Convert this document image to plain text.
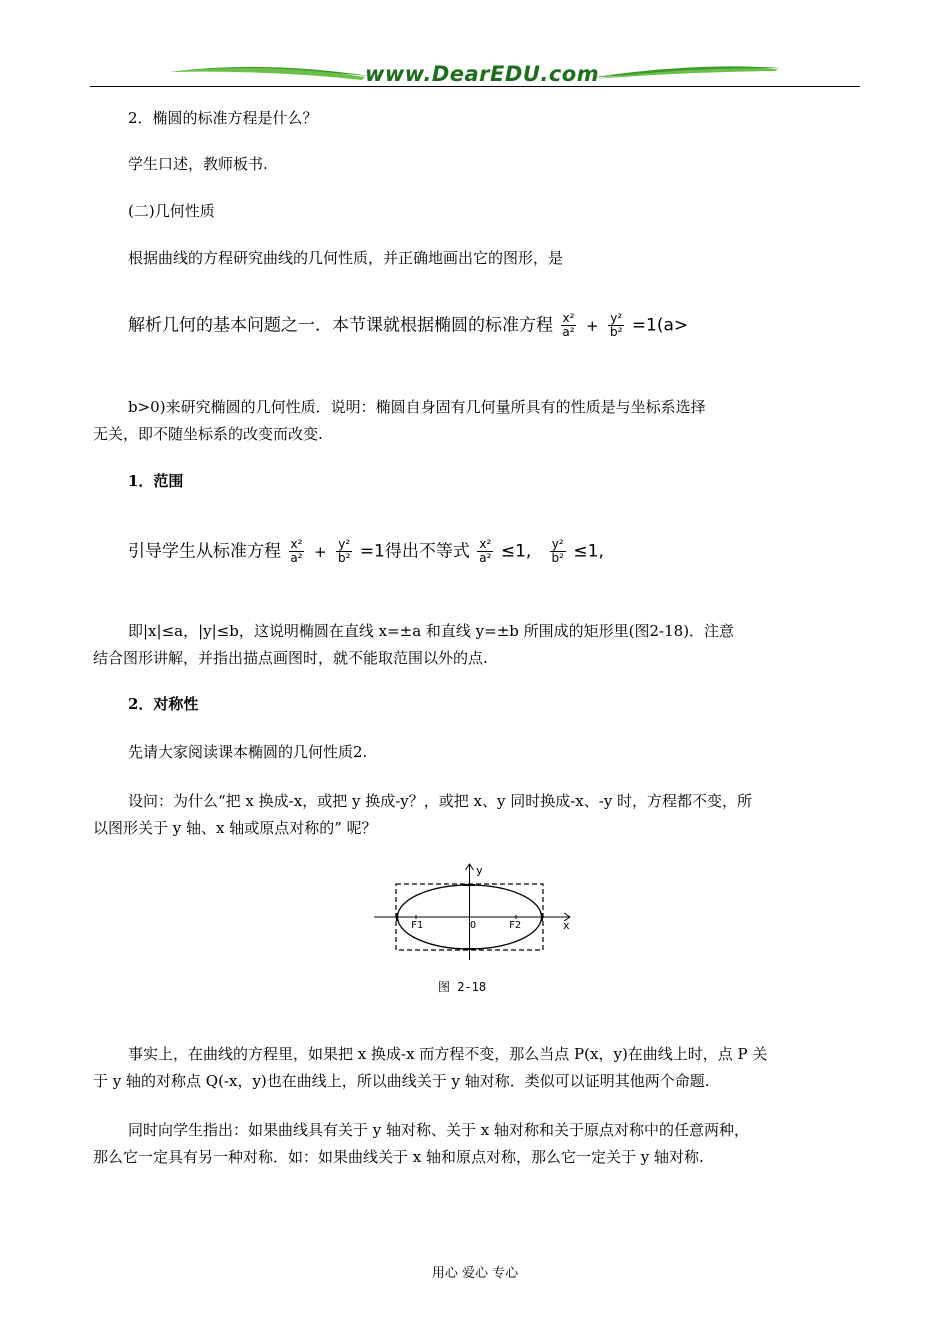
www.DearEDU.com
2．椭圆的标准方程是什么？
学生口述，教师板书.
(二)几何性质
根据曲线的方程研究曲线的几何性质，并正确地画出它的图形，是
解析几何的基本问题之一．本节课就根据椭圆的标准方程 $\frac{\text{x²}}{\text{a²}} + \frac{\text{y²}}{\text{b²}} =1(a>$
b>0)来研究椭圆的几何性质．说明：椭圆自身固有几何量所具有的性质是与坐标系选择
无关，即不随坐标系的改变而改变.
1．范围
引导学生从标准方程 $\frac{\text{x²}}{\text{a²}} + \frac{\text{y²}}{\text{b²}} =1$得出不等式 $\frac{\text{x²}}{\text{a²}} \le 1$, $\frac{\text{y²}}{\text{b²}} \le 1$,
即|x|≤a，|y|≤b，这说明椭圆在直线 x=±a 和直线 y=±b 所围成的矩形里(图2-18)．注意
结合图形讲解，并指出描点画图时，就不能取范围以外的点.
2．对称性
先请大家阅读课本椭圆的几何性质2.
设问：为什么“把 x 换成-x，或把 y 换成-y？，或把 x、y 同时换成-x、-y 时，方程都不变，所
以图形关于 y 轴、x 轴或原点对称的” 呢？
y
x
O
F1	F2
图 2-18
事实上，在曲线的方程里，如果把 x 换成-x 而方程不变，那么当点 P(x，y)在曲线上时，点 P 关
于 y 轴的对称点 Q(-x，y)也在曲线上，所以曲线关于 y 轴对称．类似可以证明其他两个命题.
同时向学生指出：如果曲线具有关于 y 轴对称、关于 x 轴对称和关于原点对称中的任意两种，
那么它一定具有另一种对称．如：如果曲线关于 x 轴和原点对称，那么它一定关于 y 轴对称.
用心 爱心 专心
